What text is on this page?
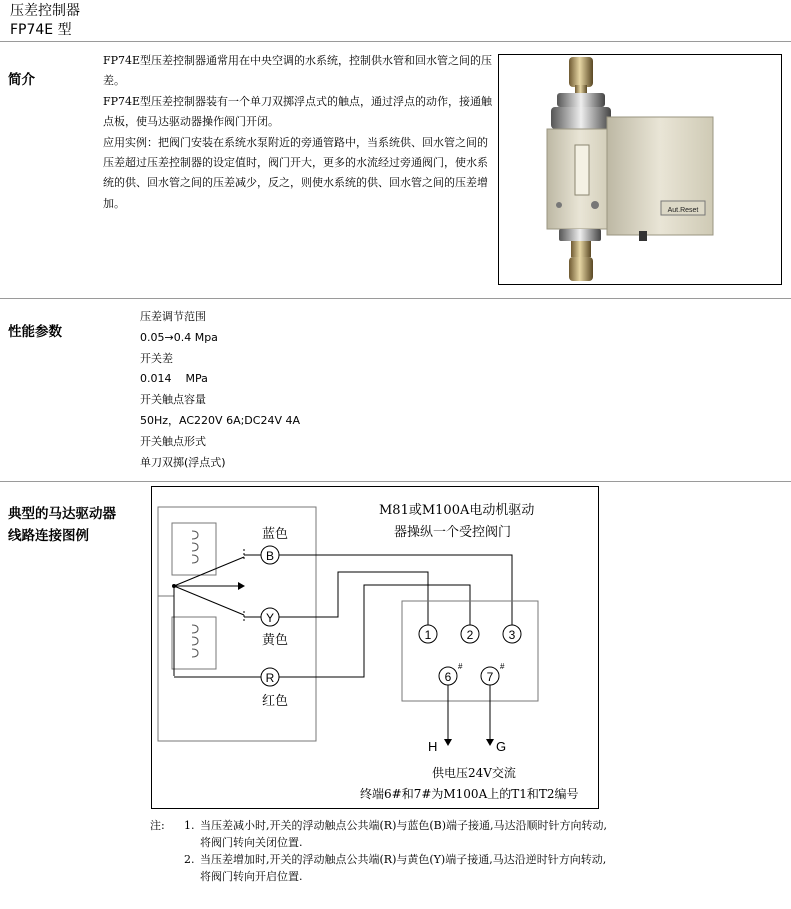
压差控制器
FP74E 型
简介

FP74E型压差控制器通常用在中央空调的水系统，控制供水管和回水管之间的压差。

FP74E型压差控制器装有一个单刀双掷浮点式的触点，通过浮点的动作，接通触点板，使马达驱动器操作阀门开闭。

应用实例：把阀门安装在系统水泵附近的旁通管路中，当系统供、回水管之间的压差超过压差控制器的设定值时，阀门开大，更多的水流经过旁通阀门，使水系统的供、回水管之间的压差减少，反之，则使水系统的供、回水管之间的压差增加。

Aut.Reset
性能参数
压差调节范围
0.05→0.4 Mpa
开关差
0.014    MPa
开关触点容量
50Hz，AC220V 6A;DC24V 4A
开关触点形式
单刀双掷(浮点式)
典型的马达驱动器
线路连接图例
M81或M100A电动机驱动
器操纵一个受控阀门
蓝色
B
Y
黄色
R
红色
1	2	3
6
#
7
#
H	G
供电压24V交流
终端6#和7#为M100A上的T1和T2编号
注:	1. 当压差减小时,开关的浮动触点公共端(R)与蓝色(B)端子接通,马达沿顺时针方向转动,
将阀门转向关闭位置.
2. 当压差增加时,开关的浮动触点公共端(R)与黄色(Y)端子接通,马达沿逆时针方向转动,
将阀门转向开启位置.
